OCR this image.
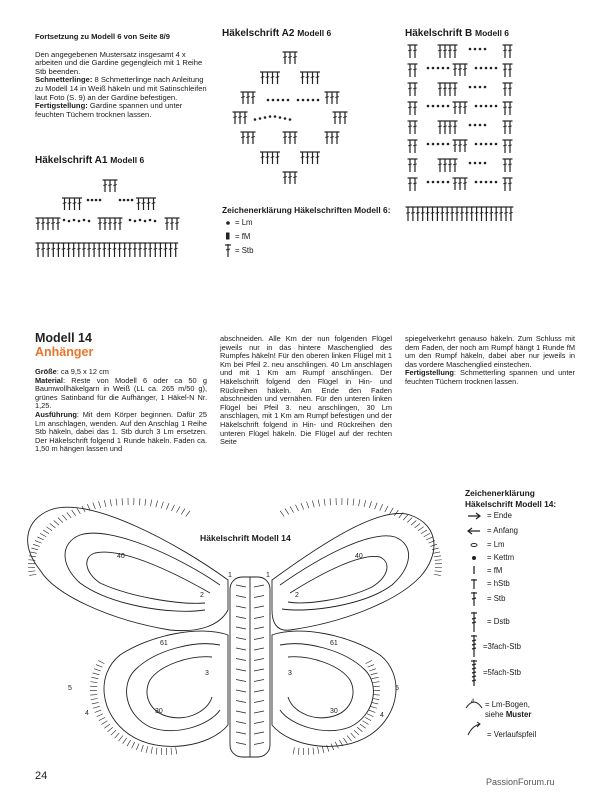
Fortsetzung zu Modell 6 von Seite 8/9
Den angegebenen Mustersatz insgesamt 4 x arbeiten und die Gardine gegengleich mit 1 Reihe Stb beenden.
Schmetterlinge: 8 Schmetterlinge nach Anleitung zu Modell 14 in Weiß häkeln und mit Satinschleifen laut Foto (S. 9) an der Gardine befestigen.
Fertigstellung: Gardine spannen und unter feuchten Tüchern trocknen lassen.
Häkelschrift A1 Modell 6
Häkelschrift A2 Modell 6	Häkelschrift B Modell 6
Zeichenerklärung Häkelschriften Modell 6:
= Lm
= fM
= Stb
Modell 14
Anhänger
Größe: ca 9,5 x 12 cm
Material: Reste von Modell 6 oder ca 50 g Baumwollhäkelgarn in Weiß (LL ca. 265 m/50 g), grünes Satinband für die Aufhänger, 1 Häkel-N Nr. 1,25.
Ausführung: Mit dem Körper beginnen. Dafür 25 Lm anschlagen, wenden. Auf den Anschlag 1 Reihe Stb häkeln, dabei das 1. Stb durch 3 Lm ersetzen. Der Häkelschrift folgend 1 Runde häkeln. Faden ca. 1,50 m hängen lassen und
abschneiden. Alle Km der nun folgenden Flügel jeweils nur in das hintere Maschenglied des Rumpfes häkeln! Für den oberen linken Flügel mit 1 Km bei Pfeil 2. neu anschlingen. 40 Lm anschlagen und mit 1 Km am Rumpf anschlingen. Der Häkelschrift folgend den Flügel in Hin- und Rückreihen häkeln. Am Ende den Faden abschneiden und vernähen. Für den unteren linken Flügel bei Pfeil 3. neu anschlingen, 30 Lm anschlagen, mit 1 Km am Rumpf befestigen und der Häkelschrift folgend in Hin- und Rückreihen den unteren Flügel häkeln. Die Flügel auf der rechten Seite
spiegelverkehrt genauso häkeln. Zum Schluss mit dem Faden, der noch am Rumpf hängt 1 Runde fM um den Rumpf häkeln, dabei aber nur jeweils in das vordere Maschenglied einstechen.
Fertigstellung: Schmetterling spannen und unter feuchten Tüchern trocknen lassen.
40	40
30	30
2	2
3	3
1	1
5	5
61	61
4	4
Häkelschrift Modell 14
Zeichenerklärung
Häkelschrift Modell 14:
4
= Ende
= Anfang
= Lm
= Kettm
= fM
= hStb
= Stb
= Dstb
=3fach-Stb
=5fach-Stb
= Lm-Bogen,
siehe Muster
= Verlaufspfeil
24	PassionForum.ru
